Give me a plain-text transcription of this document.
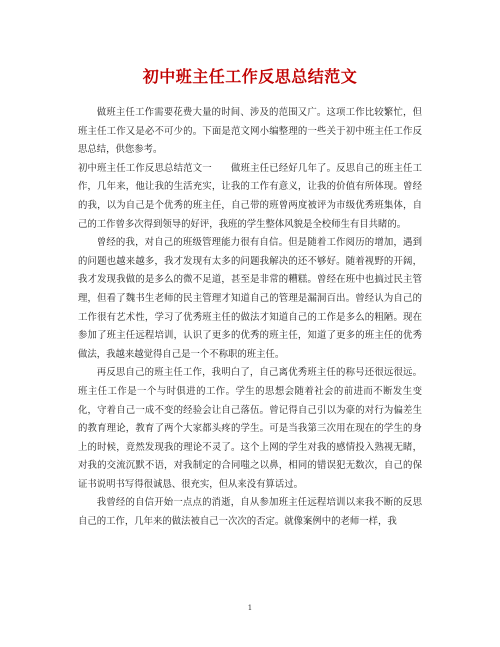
初中班主任工作反思总结范文

做班主任工作需要花费大量的时间、涉及的范围又广。这项工作比较繁忙，但班主任工作又是必不可少的。下面是范文网小编整理的一些关于初中班主任工作反思总结，供您参考。

初中班主任工作反思总结范文一　　做班主任已经好几年了。反思自己的班主任工作，几年来，他让我的生活充实，让我的工作有意义，让我的价值有所体现。曾经的我，以为自己是个优秀的班主任，自己带的班曾两度被评为市级优秀班集体，自己的工作曾多次得到领导的好评，我班的学生整体风貌是全校师生有目共睹的。

曾经的我，对自己的班级管理能力很有自信。但是随着工作阅历的增加，遇到的问题也越来越多，我才发现有太多的问题我解决的还不够好。随着视野的开阔，我才发现我做的是多么的微不足道，甚至是非常的糟糕。曾经在班中也搞过民主管理，但看了魏书生老师的民主管理才知道自己的管理是漏洞百出。曾经认为自己的工作很有艺术性，学习了优秀班主任的做法才知道自己的工作是多么的粗陋。现在参加了班主任远程培训，认识了更多的优秀的班主任，知道了更多的班主任的优秀做法，我越来越觉得自己是一个不称职的班主任。

再反思自己的班主任工作，我明白了，自己离优秀班主任的称号还很远很远。班主任工作是一个与时俱进的工作。学生的思想会随着社会的前进而不断发生变化，守着自己一成不变的经验会让自己落伍。曾记得自己引以为豪的对行为偏差生的教育理论，教育了两个大家都头疼的学生。可是当我第三次用在现在的学生的身上的时候，竟然发现我的理论不灵了。这个上网的学生对我的感情投入熟视无睹，对我的交流沉默不语，对我制定的合同嗤之以鼻，相同的错误犯无数次，自己的保证书说明书写得很诚恳、很充实，但从来没有算话过。

我曾经的自信开始一点点的消逝，自从参加班主任远程培训以来我不断的反思自己的工作，几年来的做法被自己一次次的否定。就像案例中的老师一样，我

1
